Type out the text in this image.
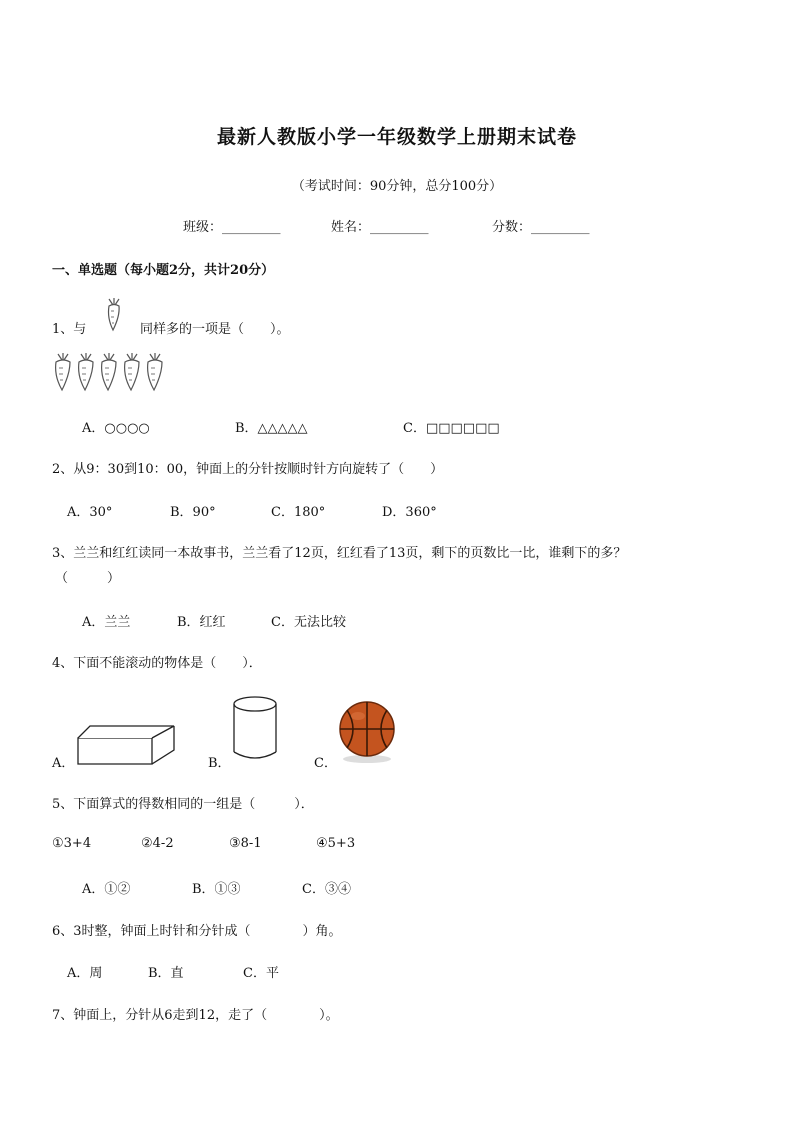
最新人教版小学一年级数学上册期末试卷
（考试时间：90分钟，总分100分）
班级：_________	姓名：_________	分数：_________
一、单选题（每小题2分，共计20分）
1、与	同样多的一项是（　　）。
A．○○○○	B．△△△△△	C．□□□□□□
2、从9：30到10：00，钟面上的分针按顺时针方向旋转了（　　）
A．30°	B．90°	C．180°	D．360°
3、兰兰和红红读同一本故事书，兰兰看了12页，红红看了13页，剩下的页数比一比，谁剩下的多？
（　　　）
A．兰兰	B．红红	C．无法比较
4、下面不能滚动的物体是（　　）．
A．	B．	C．
5、下面算式的得数相同的一组是（　　　）．
①3+4	②4-2	③8-1	④5+3
A．①②	B．①③	C．③④
6、3时整，钟面上时针和分针成（　　　　）角。
A．周	B．直	C．平
7、钟面上，分针从6走到12，走了（　　　　）。
